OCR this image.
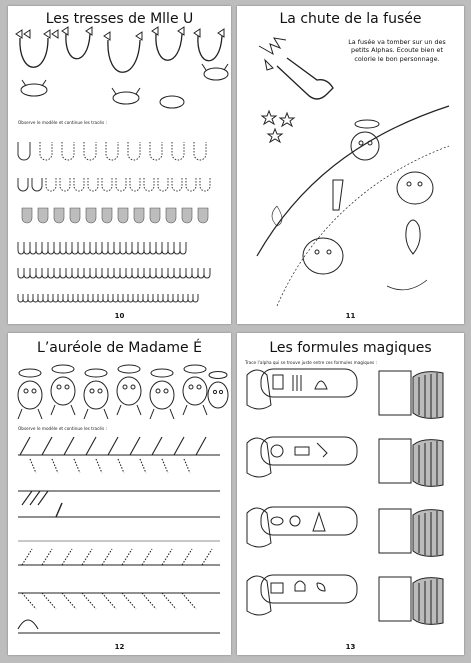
Les tresses de Mlle U
Observe le modèle et continue les tracés :
10
La chute de la fusée
La fusée va tomber sur un des petits Alphas. Ecoute bien et colorie le bon personnage.
11
L’auréole de Madame É
Observe le modèle et continue les tracés :
12
Les formules magiques
Trace l’alpha qui se trouve juste entre ces formules magiques :
13
